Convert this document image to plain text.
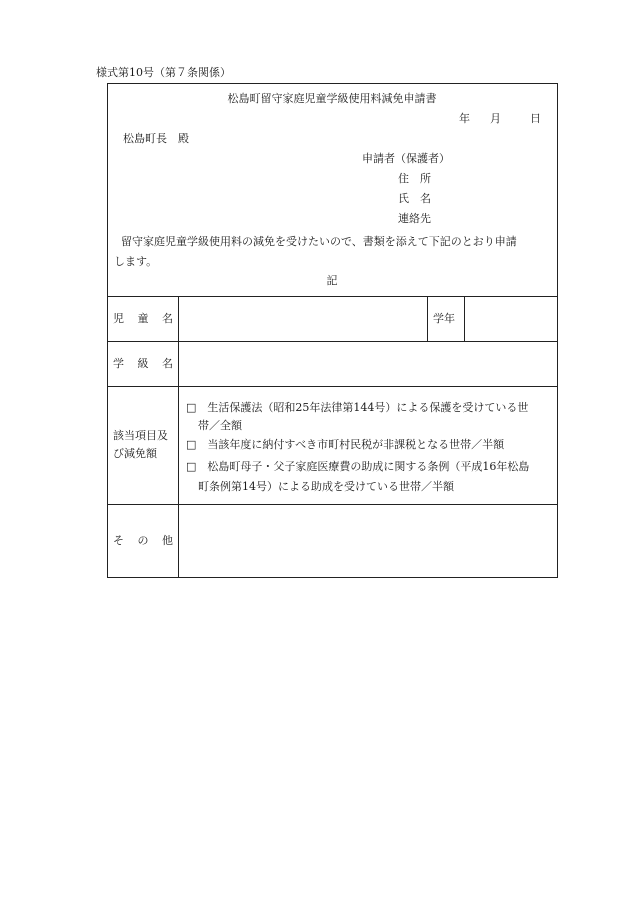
様式第10号（第７条関係）
松島町留守家庭児童学級使用料減免申請書
年 月	日
松島町長　殿
申請者（保護者）
住　所
氏　名
連絡先
留守家庭児童学級使用料の減免を受けたいので、書類を添えて下記のとおり申請
します。
記
児　童　名	学年
学　級　名
該当項目及
び減免額
□　生活保護法（昭和25年法律第144号）による保護を受けている世
帯／全額
□　当該年度に納付すべき市町村民税が非課税となる世帯／半額
□　松島町母子・父子家庭医療費の助成に関する条例（平成16年松島
町条例第14号）による助成を受けている世帯／半額
そ　の　他
